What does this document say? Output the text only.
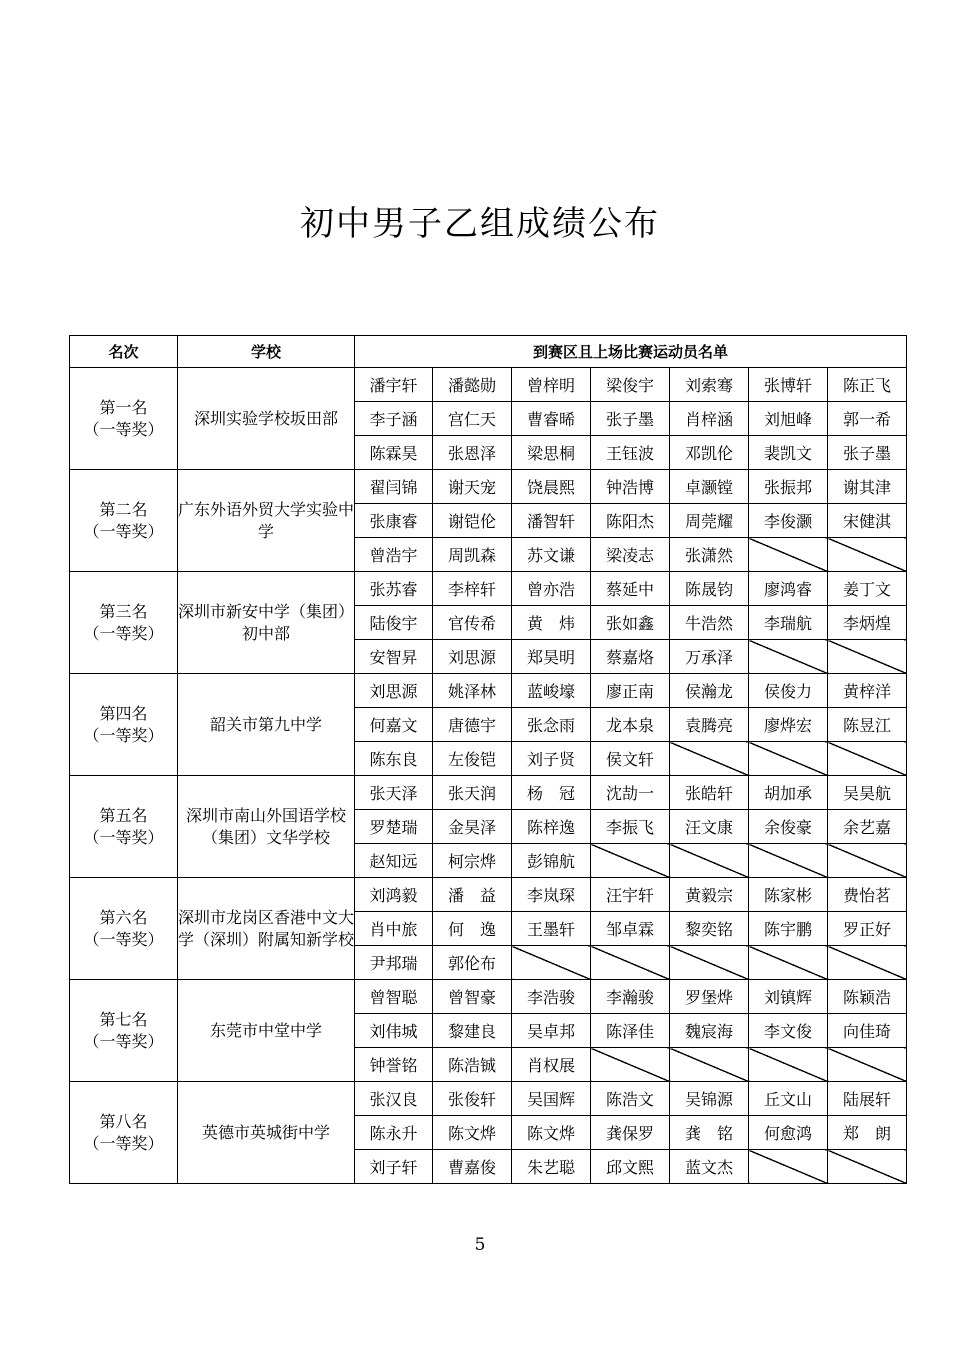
初中男子乙组成绩公布
名次	学校	到赛区且上场比赛运动员名单						

第一名
（一等奖）	深圳实验学校坂田部	潘宇轩	潘懿勋	曾梓明	梁俊宇	刘索骞	张博轩	陈正飞
		李子涵	宫仁天	曹睿晞	张子墨	肖梓涵	刘旭峰	郭一希
		陈霖昊	张恩泽	梁思桐	王钰波	邓凯伦	裴凯文	张子墨

第二名
（一等奖）	广东外语外贸大学实验中学	翟闫锦	谢天宠	饶晨熙	钟浩博	卓灏镗	张振邦	谢其津
		张康睿	谢铠伦	潘智轩	陈阳杰	周莞耀	李俊灏	宋健淇
		曾浩宇	周凯森	苏文谦	梁凌志	张潇然		

第三名
（一等奖）	深圳市新安中学（集团）初中部	张苏睿	李梓轩	曾亦浩	蔡延中	陈晟钧	廖鸿睿	姜丁文
		陆俊宇	官传希	黄　炜	张如鑫	牛浩然	李瑞航	李炳煌
		安智昇	刘思源	郑昊明	蔡嘉烙	万承泽		

第四名
（一等奖）	韶关市第九中学	刘思源	姚泽林	蓝峻壕	廖正南	侯瀚龙	侯俊力	黄梓洋
		何嘉文	唐德宇	张念雨	龙本泉	袁腾亮	廖烨宏	陈昱江
		陈东良	左俊铠	刘子贤	侯文轩			

第五名
（一等奖）	深圳市南山外国语学校（集团）文华学校	张天泽	张天润	杨　冠	沈劼一	张皓轩	胡加承	吴昊航
		罗楚瑞	金昊泽	陈梓逸	李振飞	汪文康	余俊豪	余艺嘉
		赵知远	柯宗烨	彭锦航				

第六名
（一等奖）	深圳市龙岗区香港中文大学（深圳）附属知新学校	刘鸿毅	潘　益	李岚琛	汪宇轩	黄毅宗	陈家彬	费怡茗
		肖中旅	何　逸	王墨轩	邹卓霖	黎奕铭	陈宇鹏	罗正好
		尹邦瑞	郭伦布					

第七名
（一等奖）	东莞市中堂中学	曾智聪	曾智豪	李浩骏	李瀚骏	罗堡烨	刘镇辉	陈颖浩
		刘伟城	黎建良	吴卓邦	陈泽佳	魏宸海	李文俊	向佳琦
		钟誉铭	陈浩铖	肖权展				

第八名
（一等奖）	英德市英城街中学	张汉良	张俊轩	吴国辉	陈浩文	吴锦源	丘文山	陆展轩
		陈永升	陈文烨	陈文烨	龚保罗	龚　铭	何愈鸿	郑　朗
		刘子轩	曹嘉俊	朱艺聪	邱文熙	蓝文杰		
5
